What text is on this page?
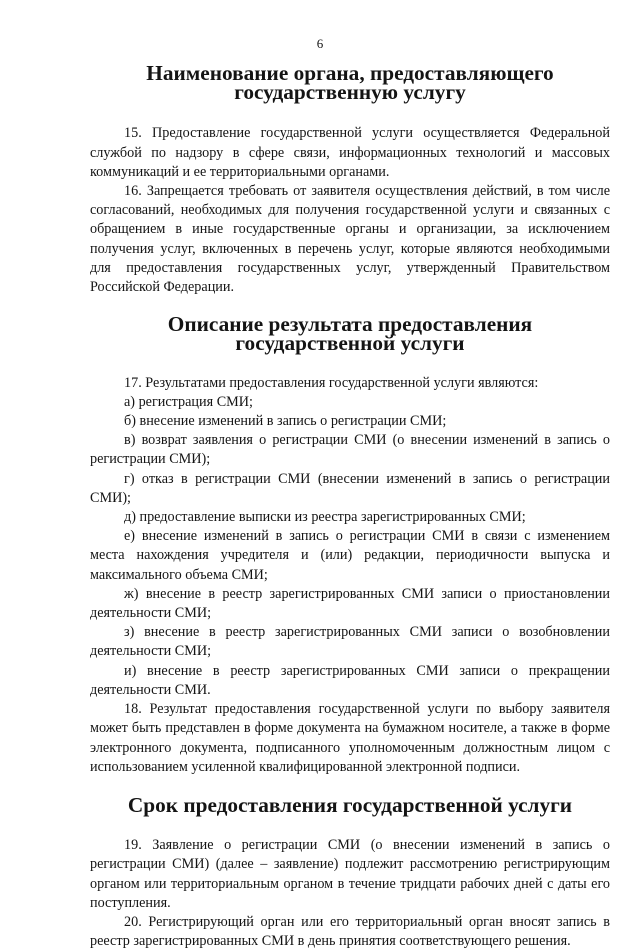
6
Наименование органа, предоставляющего государственную услугу

15. Предоставление государственной услуги осуществляется Федеральной службой по надзору в сфере связи, информационных технологий и массовых коммуникаций и ее территориальными органами.

16. Запрещается требовать от заявителя осуществления действий, в том числе согласований, необходимых для получения государственной услуги и связанных с обращением в иные государственные органы и организации, за исключением получения услуг, включенных в перечень услуг, которые являются необходимыми для предоставления государственных услуг, утвержденный Правительством Российской Федерации.

Описание результата предоставления государственной услуги

17. Результатами предоставления государственной услуги являются:

а) регистрация СМИ;

б) внесение изменений в запись о регистрации СМИ;

в) возврат заявления о регистрации СМИ (о внесении изменений в запись о регистрации СМИ);

г) отказ в регистрации СМИ (внесении изменений в запись о регистрации СМИ);

д) предоставление выписки из реестра зарегистрированных СМИ;

е) внесение изменений в запись о регистрации СМИ в связи с изменением места нахождения учредителя и (или) редакции, периодичности выпуска и максимального объема СМИ;

ж) внесение в реестр зарегистрированных СМИ записи о приостановлении деятельности СМИ;

з) внесение в реестр зарегистрированных СМИ записи о возобновлении деятельности СМИ;

и) внесение в реестр зарегистрированных СМИ записи о прекращении деятельности СМИ.

18. Результат предоставления государственной услуги по выбору заявителя может быть представлен в форме документа на бумажном носителе, а также в форме электронного документа, подписанного уполномоченным должностным лицом с использованием усиленной квалифицированной электронной подписи.

Срок предоставления государственной услуги

19. Заявление о регистрации СМИ (о внесении изменений в запись о регистрации СМИ) (далее – заявление) подлежит рассмотрению регистрирующим органом или территориальным органом в течение тридцати рабочих дней с даты его поступления.

20. Регистрирующий орган или его территориальный орган вносят запись в реестр зарегистрированных СМИ в день принятия соответствующего решения.
